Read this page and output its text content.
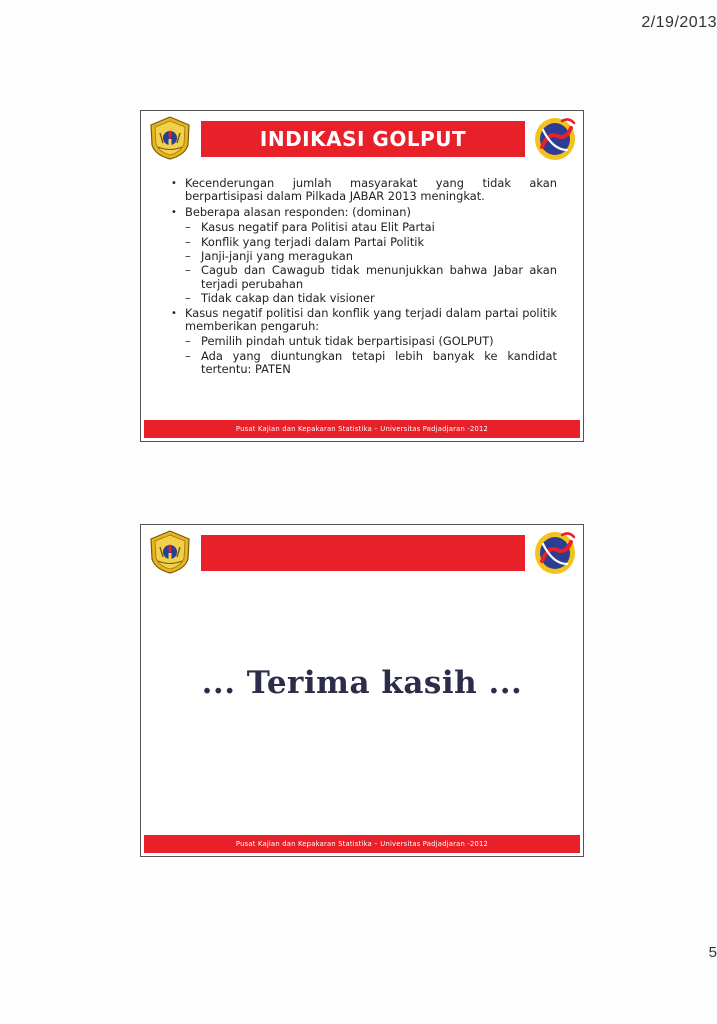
2/19/2013
INDIKASI GOLPUT
• Kecenderungan jumlah masyarakat yang tidak akan berpartisipasi dalam Pilkada JABAR 2013 meningkat.
• Beberapa alasan responden: (dominan)
– Kasus negatif para Politisi atau Elit Partai
– Konflik yang terjadi dalam Partai Politik
– Janji-janji yang meragukan
– Cagub dan Cawagub tidak menunjukkan bahwa Jabar akan terjadi perubahan
– Tidak cakap dan tidak visioner
• Kasus negatif politisi dan konflik yang terjadi dalam partai politik memberikan pengaruh:
– Pemilih pindah untuk tidak berpartisipasi (GOLPUT)
– Ada yang diuntungkan tetapi lebih banyak ke kandidat tertentu: PATEN
Pusat Kajian dan Kepakaran Statistika – Universitas Padjadjaran -2012
... Terima kasih ...
Pusat Kajian dan Kepakaran Statistika – Universitas Padjadjaran -2012
5
